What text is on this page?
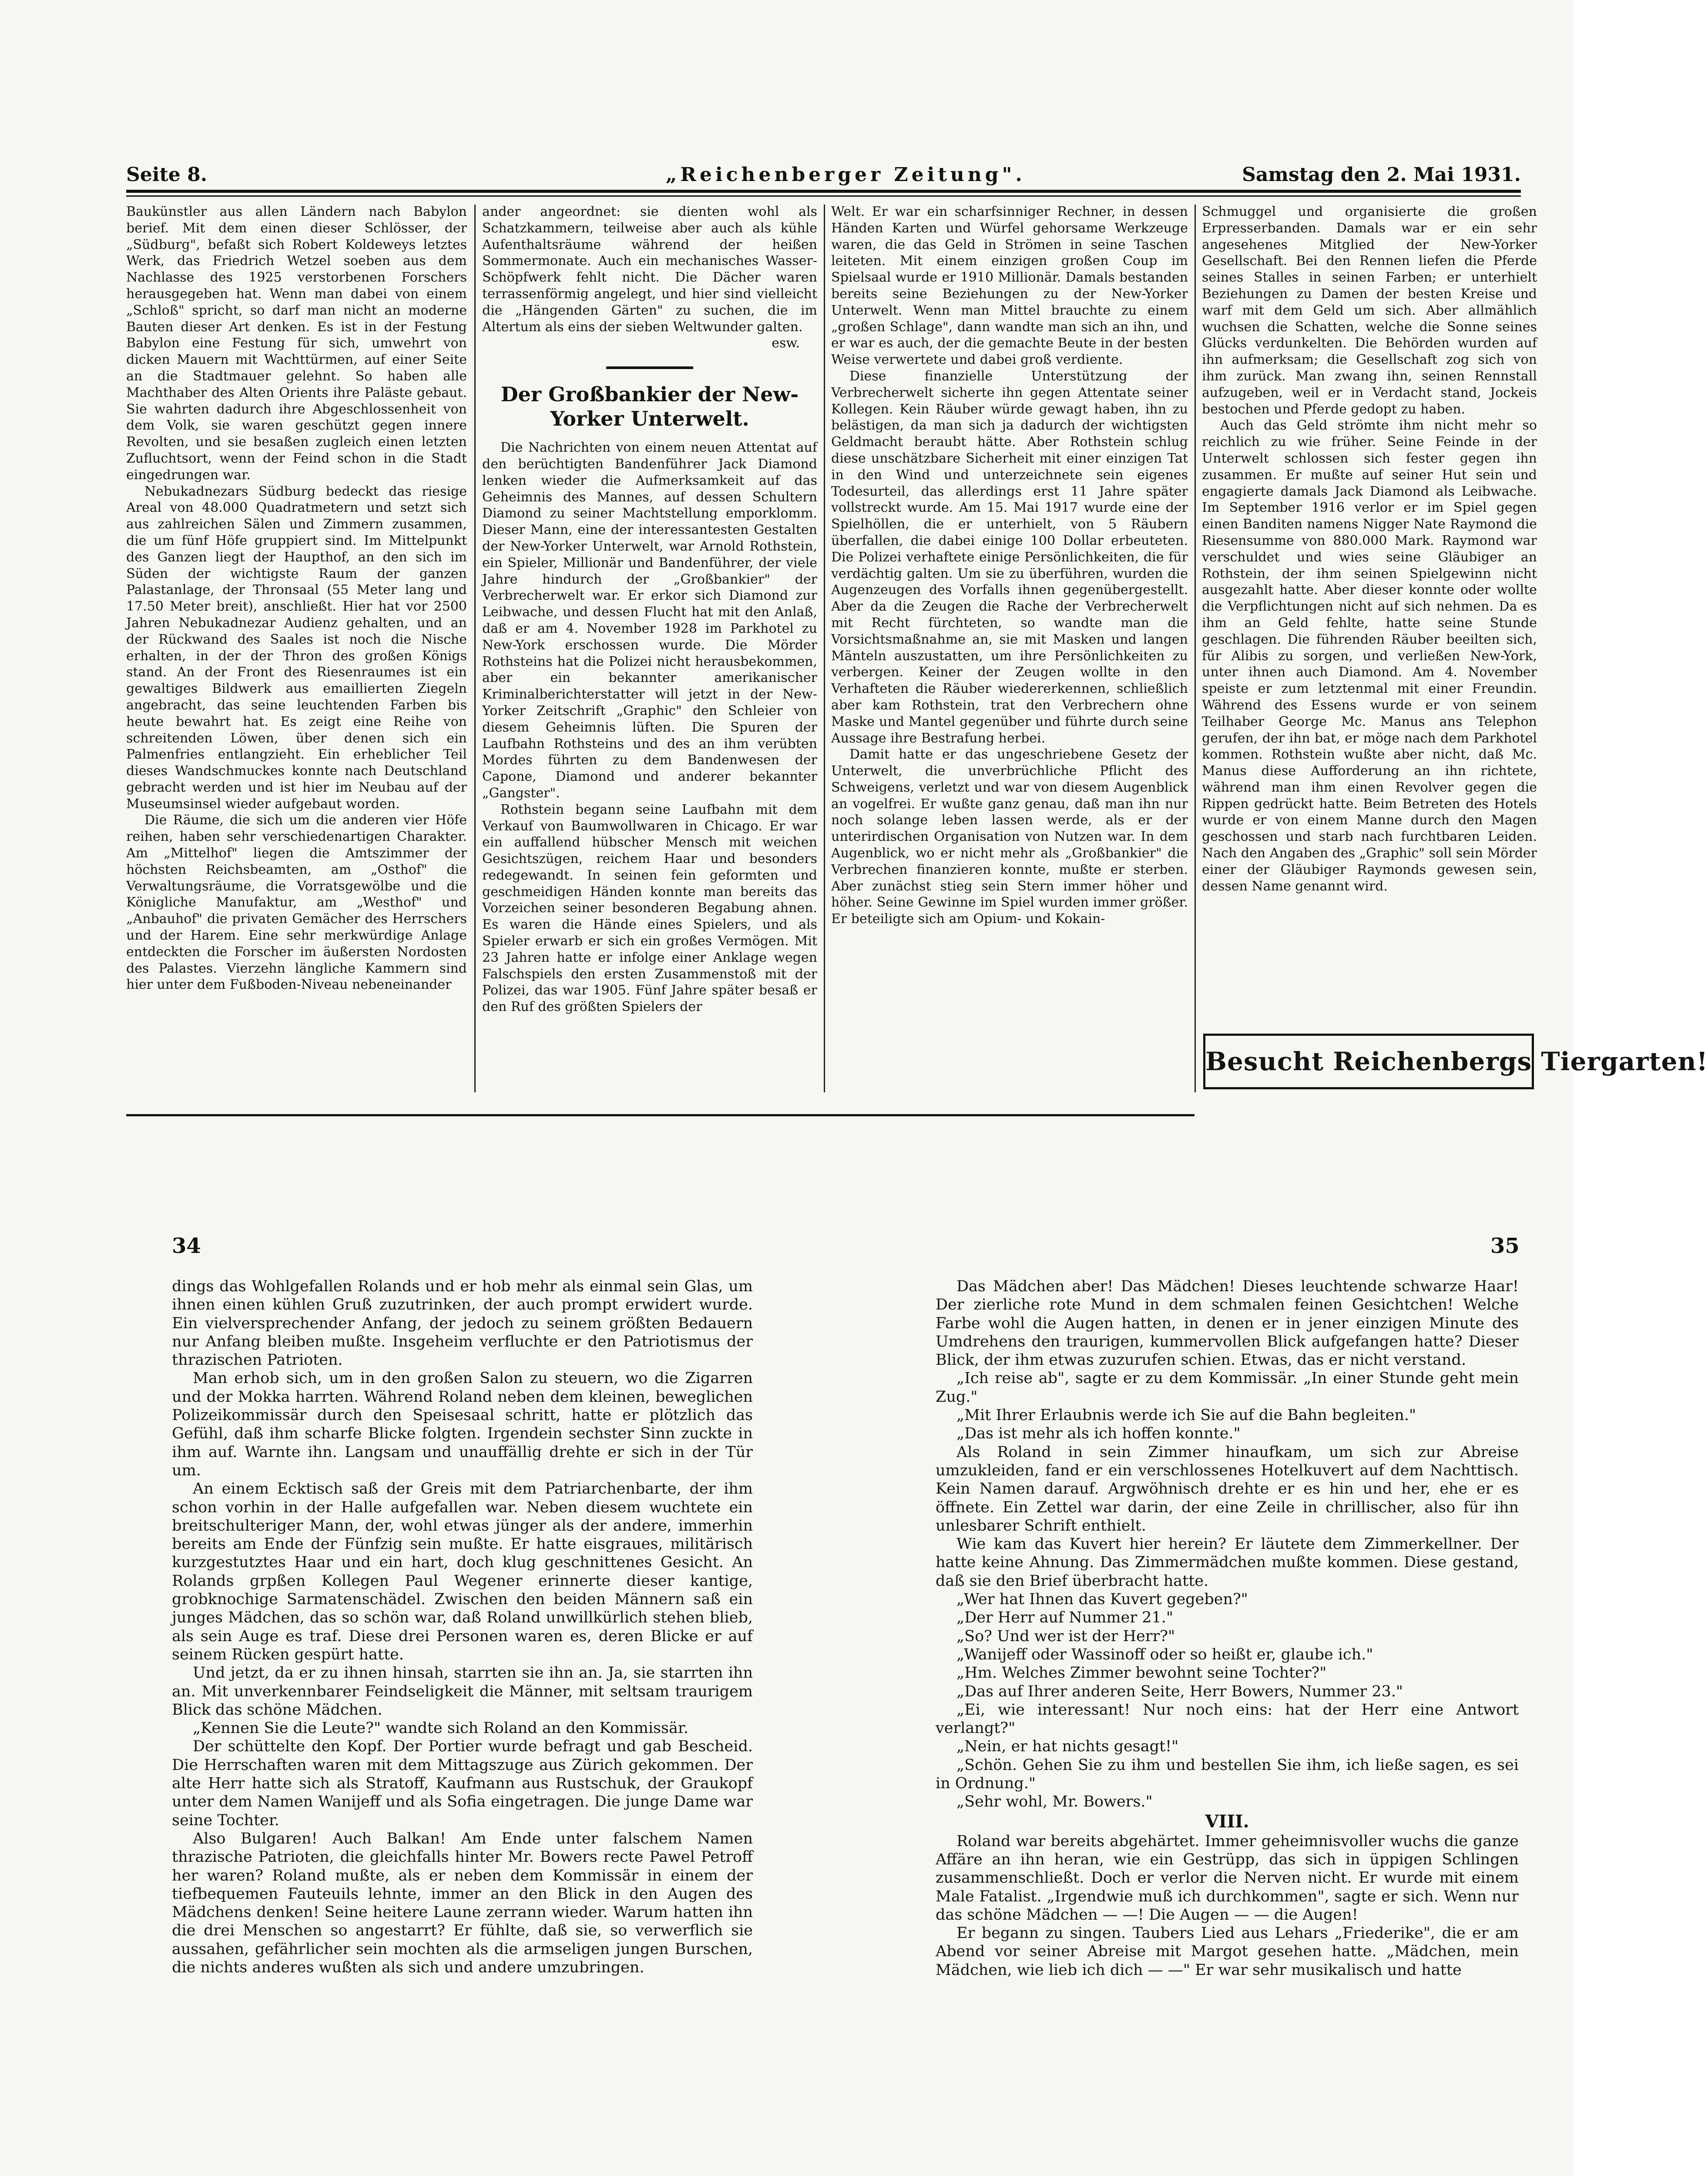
Seite 8.	„Reichenberger Zeitung".	Samstag den 2. Mai 1931.

Baukünstler aus allen Ländern nach Babylon berief. Mit dem einen dieser Schlösser, der „Südburg", befaßt sich Robert Koldeweys letztes Werk, das Friedrich Wetzel soeben aus dem Nachlasse des 1925 verstorbenen Forschers herausgegeben hat. Wenn man dabei von einem „Schloß" spricht, so darf man nicht an moderne Bauten dieser Art denken. Es ist in der Festung Babylon eine Festung für sich, umwehrt von dicken Mauern mit Wachttürmen, auf einer Seite an die Stadtmauer gelehnt. So haben alle Machthaber des Alten Orients ihre Paläste gebaut. Sie wahrten dadurch ihre Abgeschlossenheit von dem Volk, sie waren geschützt gegen innere Revolten, und sie besaßen zugleich einen letzten Zufluchtsort, wenn der Feind schon in die Stadt eingedrungen war.

Nebukadnezars Südburg bedeckt das riesige Areal von 48.000 Quadratmetern und setzt sich aus zahlreichen Sälen und Zimmern zusammen, die um fünf Höfe gruppiert sind. Im Mittelpunkt des Ganzen liegt der Haupthof, an den sich im Süden der wichtigste Raum der ganzen Palastanlage, der Thronsaal (55 Meter lang und 17.50 Meter breit), anschließt. Hier hat vor 2500 Jahren Nebukadnezar Audienz gehalten, und an der Rückwand des Saales ist noch die Nische erhalten, in der der Thron des großen Königs stand. An der Front des Riesenraumes ist ein gewaltiges Bildwerk aus emaillierten Ziegeln angebracht, das seine leuchtenden Farben bis heute bewahrt hat. Es zeigt eine Reihe von schreitenden Löwen, über denen sich ein Palmenfries entlangzieht. Ein erheblicher Teil dieses Wandschmuckes konnte nach Deutschland gebracht werden und ist hier im Neubau auf der Museumsinsel wieder aufgebaut worden.

Die Räume, die sich um die anderen vier Höfe reihen, haben sehr verschiedenartigen Charakter. Am „Mittelhof" liegen die Amtszimmer der höchsten Reichsbeamten, am „Osthof" die Verwaltungsräume, die Vorratsgewölbe und die Königliche Manufaktur, am „Westhof" und „Anbauhof" die privaten Gemächer des Herrschers und der Harem. Eine sehr merkwürdige Anlage entdeckten die Forscher im äußersten Nordosten des Palastes. Vierzehn längliche Kammern sind hier unter dem Fußboden-Niveau nebeneinander

ander angeordnet: sie dienten wohl als Schatzkammern, teilweise aber auch als kühle Aufenthaltsräume während der heißen Sommermonate. Auch ein mechanisches Wasser-Schöpfwerk fehlt nicht. Die Dächer waren terrassenförmig angelegt, und hier sind vielleicht die „Hängenden Gärten" zu suchen, die im Altertum als eins der sieben Weltwunder galten.

esw.
Der Großbankier der New-Yorker Unterwelt.

Die Nachrichten von einem neuen Attentat auf den berüchtigten Bandenführer Jack Diamond lenken wieder die Aufmerksamkeit auf das Geheimnis des Mannes, auf dessen Schultern Diamond zu seiner Machtstellung emporklomm. Dieser Mann, eine der interessantesten Gestalten der New-Yorker Unterwelt, war Arnold Rothstein, ein Spieler, Millionär und Bandenführer, der viele Jahre hindurch der „Großbankier" der Verbrecherwelt war. Er erkor sich Diamond zur Leibwache, und dessen Flucht hat mit den Anlaß, daß er am 4. November 1928 im Parkhotel zu New-York erschossen wurde. Die Mörder Rothsteins hat die Polizei nicht herausbekommen, aber ein bekannter amerikanischer Kriminalberichterstatter will jetzt in der New-Yorker Zeitschrift „Graphic" den Schleier von diesem Geheimnis lüften. Die Spuren der Laufbahn Rothsteins und des an ihm verübten Mordes führten zu dem Bandenwesen der Capone, Diamond und anderer bekannter „Gangster".

Rothstein begann seine Laufbahn mit dem Verkauf von Baumwollwaren in Chicago. Er war ein auffallend hübscher Mensch mit weichen Gesichtszügen, reichem Haar und besonders redegewandt. In seinen fein geformten und geschmeidigen Händen konnte man bereits das Vorzeichen seiner besonderen Begabung ahnen. Es waren die Hände eines Spielers, und als Spieler erwarb er sich ein großes Vermögen. Mit 23 Jahren hatte er infolge einer Anklage wegen Falschspiels den ersten Zusammenstoß mit der Polizei, das war 1905. Fünf Jahre später besaß er den Ruf des größten Spielers der

Welt. Er war ein scharfsinniger Rechner, in dessen Händen Karten und Würfel gehorsame Werkzeuge waren, die das Geld in Strömen in seine Taschen leiteten. Mit einem einzigen großen Coup im Spielsaal wurde er 1910 Millionär. Damals bestanden bereits seine Beziehungen zu der New-Yorker Unterwelt. Wenn man Mittel brauchte zu einem „großen Schlage", dann wandte man sich an ihn, und er war es auch, der die gemachte Beute in der besten Weise verwertete und dabei groß verdiente.

Diese finanzielle Unterstützung der Verbrecherwelt sicherte ihn gegen Attentate seiner Kollegen. Kein Räuber würde gewagt haben, ihn zu belästigen, da man sich ja dadurch der wichtigsten Geldmacht beraubt hätte. Aber Rothstein schlug diese unschätzbare Sicherheit mit einer einzigen Tat in den Wind und unterzeichnete sein eigenes Todesurteil, das allerdings erst 11 Jahre später vollstreckt wurde. Am 15. Mai 1917 wurde eine der Spielhöllen, die er unterhielt, von 5 Räubern überfallen, die dabei einige 100 Dollar erbeuteten. Die Polizei verhaftete einige Persönlichkeiten, die für verdächtig galten. Um sie zu überführen, wurden die Augenzeugen des Vorfalls ihnen gegenübergestellt. Aber da die Zeugen die Rache der Verbrecherwelt mit Recht fürchteten, so wandte man die Vorsichtsmaßnahme an, sie mit Masken und langen Mänteln auszustatten, um ihre Persönlichkeiten zu verbergen. Keiner der Zeugen wollte in den Verhafteten die Räuber wiedererkennen, schließlich aber kam Rothstein, trat den Verbrechern ohne Maske und Mantel gegenüber und führte durch seine Aussage ihre Bestrafung herbei.

Damit hatte er das ungeschriebene Gesetz der Unterwelt, die unverbrüchliche Pflicht des Schweigens, verletzt und war von diesem Augenblick an vogelfrei. Er wußte ganz genau, daß man ihn nur noch solange leben lassen werde, als er der unterirdischen Organisation von Nutzen war. In dem Augenblick, wo er nicht mehr als „Großbankier" die Verbrechen finanzieren konnte, mußte er sterben. Aber zunächst stieg sein Stern immer höher und höher. Seine Gewinne im Spiel wurden immer größer. Er beteiligte sich am Opium- und Kokain-

Schmuggel und organisierte die großen Erpresserbanden. Damals war er ein sehr angesehenes Mitglied der New-Yorker Gesellschaft. Bei den Rennen liefen die Pferde seines Stalles in seinen Farben; er unterhielt Beziehungen zu Damen der besten Kreise und warf mit dem Geld um sich. Aber allmählich wuchsen die Schatten, welche die Sonne seines Glücks verdunkelten. Die Behörden wurden auf ihn aufmerksam; die Gesellschaft zog sich von ihm zurück. Man zwang ihn, seinen Rennstall aufzugeben, weil er in Verdacht stand, Jockeis bestochen und Pferde gedopt zu haben.

Auch das Geld strömte ihm nicht mehr so reichlich zu wie früher. Seine Feinde in der Unterwelt schlossen sich fester gegen ihn zusammen. Er mußte auf seiner Hut sein und engagierte damals Jack Diamond als Leibwache. Im September 1916 verlor er im Spiel gegen einen Banditen namens Nigger Nate Raymond die Riesensumme von 880.000 Mark. Raymond war verschuldet und wies seine Gläubiger an Rothstein, der ihm seinen Spielgewinn nicht ausgezahlt hatte. Aber dieser konnte oder wollte die Verpflichtungen nicht auf sich nehmen. Da es ihm an Geld fehlte, hatte seine Stunde geschlagen. Die führenden Räuber beeilten sich, für Alibis zu sorgen, und verließen New-York, unter ihnen auch Diamond. Am 4. November speiste er zum letztenmal mit einer Freundin. Während des Essens wurde er von seinem Teilhaber George Mc. Manus ans Telephon gerufen, der ihn bat, er möge nach dem Parkhotel kommen. Rothstein wußte aber nicht, daß Mc. Manus diese Aufforderung an ihn richtete, während man ihm einen Revolver gegen die Rippen gedrückt hatte. Beim Betreten des Hotels wurde er von einem Manne durch den Magen geschossen und starb nach furchtbaren Leiden. Nach den Angaben des „Graphic" soll sein Mörder einer der Gläubiger Raymonds gewesen sein, dessen Name genannt wird.

Besucht Reichenbergs Tiergarten!
34	35

dings das Wohlgefallen Rolands und er hob mehr als einmal sein Glas, um ihnen einen kühlen Gruß zuzutrinken, der auch prompt erwidert wurde. Ein vielversprechender Anfang, der jedoch zu seinem größten Bedauern nur Anfang bleiben mußte. Insgeheim verfluchte er den Patriotismus der thrazischen Patrioten.

Man erhob sich, um in den großen Salon zu steuern, wo die Zigarren und der Mokka harrten. Während Roland neben dem kleinen, beweglichen Polizeikommissär durch den Speisesaal schritt, hatte er plötzlich das Gefühl, daß ihm scharfe Blicke folgten. Irgendein sechster Sinn zuckte in ihm auf. Warnte ihn. Langsam und unauffällig drehte er sich in der Tür um.

An einem Ecktisch saß der Greis mit dem Patriarchenbarte, der ihm schon vorhin in der Halle aufgefallen war. Neben diesem wuchtete ein breitschulteriger Mann, der, wohl etwas jünger als der andere, immerhin bereits am Ende der Fünfzig sein mußte. Er hatte eisgraues, militärisch kurzgestutztes Haar und ein hart, doch klug geschnittenes Gesicht. An Rolands grpßen Kollegen Paul Wegener erinnerte dieser kantige, grobknochige Sarmatenschädel. Zwischen den beiden Männern saß ein junges Mädchen, das so schön war, daß Roland unwillkürlich stehen blieb, als sein Auge es traf. Diese drei Personen waren es, deren Blicke er auf seinem Rücken gespürt hatte.

Und jetzt, da er zu ihnen hinsah, starrten sie ihn an. Ja, sie starrten ihn an. Mit unverkennbarer Feindseligkeit die Männer, mit seltsam traurigem Blick das schöne Mädchen.

„Kennen Sie die Leute?" wandte sich Roland an den Kommissär.

Der schüttelte den Kopf. Der Portier wurde befragt und gab Bescheid. Die Herrschaften waren mit dem Mittagszuge aus Zürich gekommen. Der alte Herr hatte sich als Stratoff, Kaufmann aus Rustschuk, der Graukopf unter dem Namen Wanijeff und als Sofia eingetragen. Die junge Dame war seine Tochter.

Also Bulgaren! Auch Balkan! Am Ende unter falschem Namen thrazische Patrioten, die gleichfalls hinter Mr. Bowers recte Pawel Petroff her waren? Roland mußte, als er neben dem Kommissär in einem der tiefbequemen Fauteuils lehnte, immer an den Blick in den Augen des Mädchens denken! Seine heitere Laune zerrann wieder. Warum hatten ihn die drei Menschen so angestarrt? Er fühlte, daß sie, so verwerflich sie aussahen, gefährlicher sein mochten als die armseligen jungen Burschen, die nichts anderes wußten als sich und andere umzubringen.

Das Mädchen aber! Das Mädchen! Dieses leuchtende schwarze Haar! Der zierliche rote Mund in dem schmalen feinen Gesichtchen! Welche Farbe wohl die Augen hatten, in denen er in jener einzigen Minute des Umdrehens den traurigen, kummervollen Blick aufgefangen hatte? Dieser Blick, der ihm etwas zuzurufen schien. Etwas, das er nicht verstand.

„Ich reise ab", sagte er zu dem Kommissär. „In einer Stunde geht mein Zug."

„Mit Ihrer Erlaubnis werde ich Sie auf die Bahn begleiten."

„Das ist mehr als ich hoffen konnte."

Als Roland in sein Zimmer hinaufkam, um sich zur Abreise umzukleiden, fand er ein verschlossenes Hotelkuvert auf dem Nachttisch. Kein Namen darauf. Argwöhnisch drehte er es hin und her, ehe er es öffnete. Ein Zettel war darin, der eine Zeile in chrillischer, also für ihn unlesbarer Schrift enthielt.

Wie kam das Kuvert hier herein? Er läutete dem Zimmerkellner. Der hatte keine Ahnung. Das Zimmermädchen mußte kommen. Diese gestand, daß sie den Brief überbracht hatte.

„Wer hat Ihnen das Kuvert gegeben?"

„Der Herr auf Nummer 21."

„So? Und wer ist der Herr?"

„Wanijeff oder Wassinoff oder so heißt er, glaube ich."

„Hm. Welches Zimmer bewohnt seine Tochter?"

„Das auf Ihrer anderen Seite, Herr Bowers, Nummer 23."

„Ei, wie interessant! Nur noch eins: hat der Herr eine Antwort verlangt?"

„Nein, er hat nichts gesagt!"

„Schön. Gehen Sie zu ihm und bestellen Sie ihm, ich ließe sagen, es sei in Ordnung."

„Sehr wohl, Mr. Bowers."

VIII.

Roland war bereits abgehärtet. Immer geheimnisvoller wuchs die ganze Affäre an ihn heran, wie ein Gestrüpp, das sich in üppigen Schlingen zusammenschließt. Doch er verlor die Nerven nicht. Er wurde mit einem Male Fatalist. „Irgendwie muß ich durchkommen", sagte er sich. Wenn nur das schöne Mädchen — —! Die Augen — — die Augen!

Er begann zu singen. Taubers Lied aus Lehars „Friederike", die er am Abend vor seiner Abreise mit Margot gesehen hatte. „Mädchen, mein Mädchen, wie lieb ich dich — —" Er war sehr musikalisch und hatte
